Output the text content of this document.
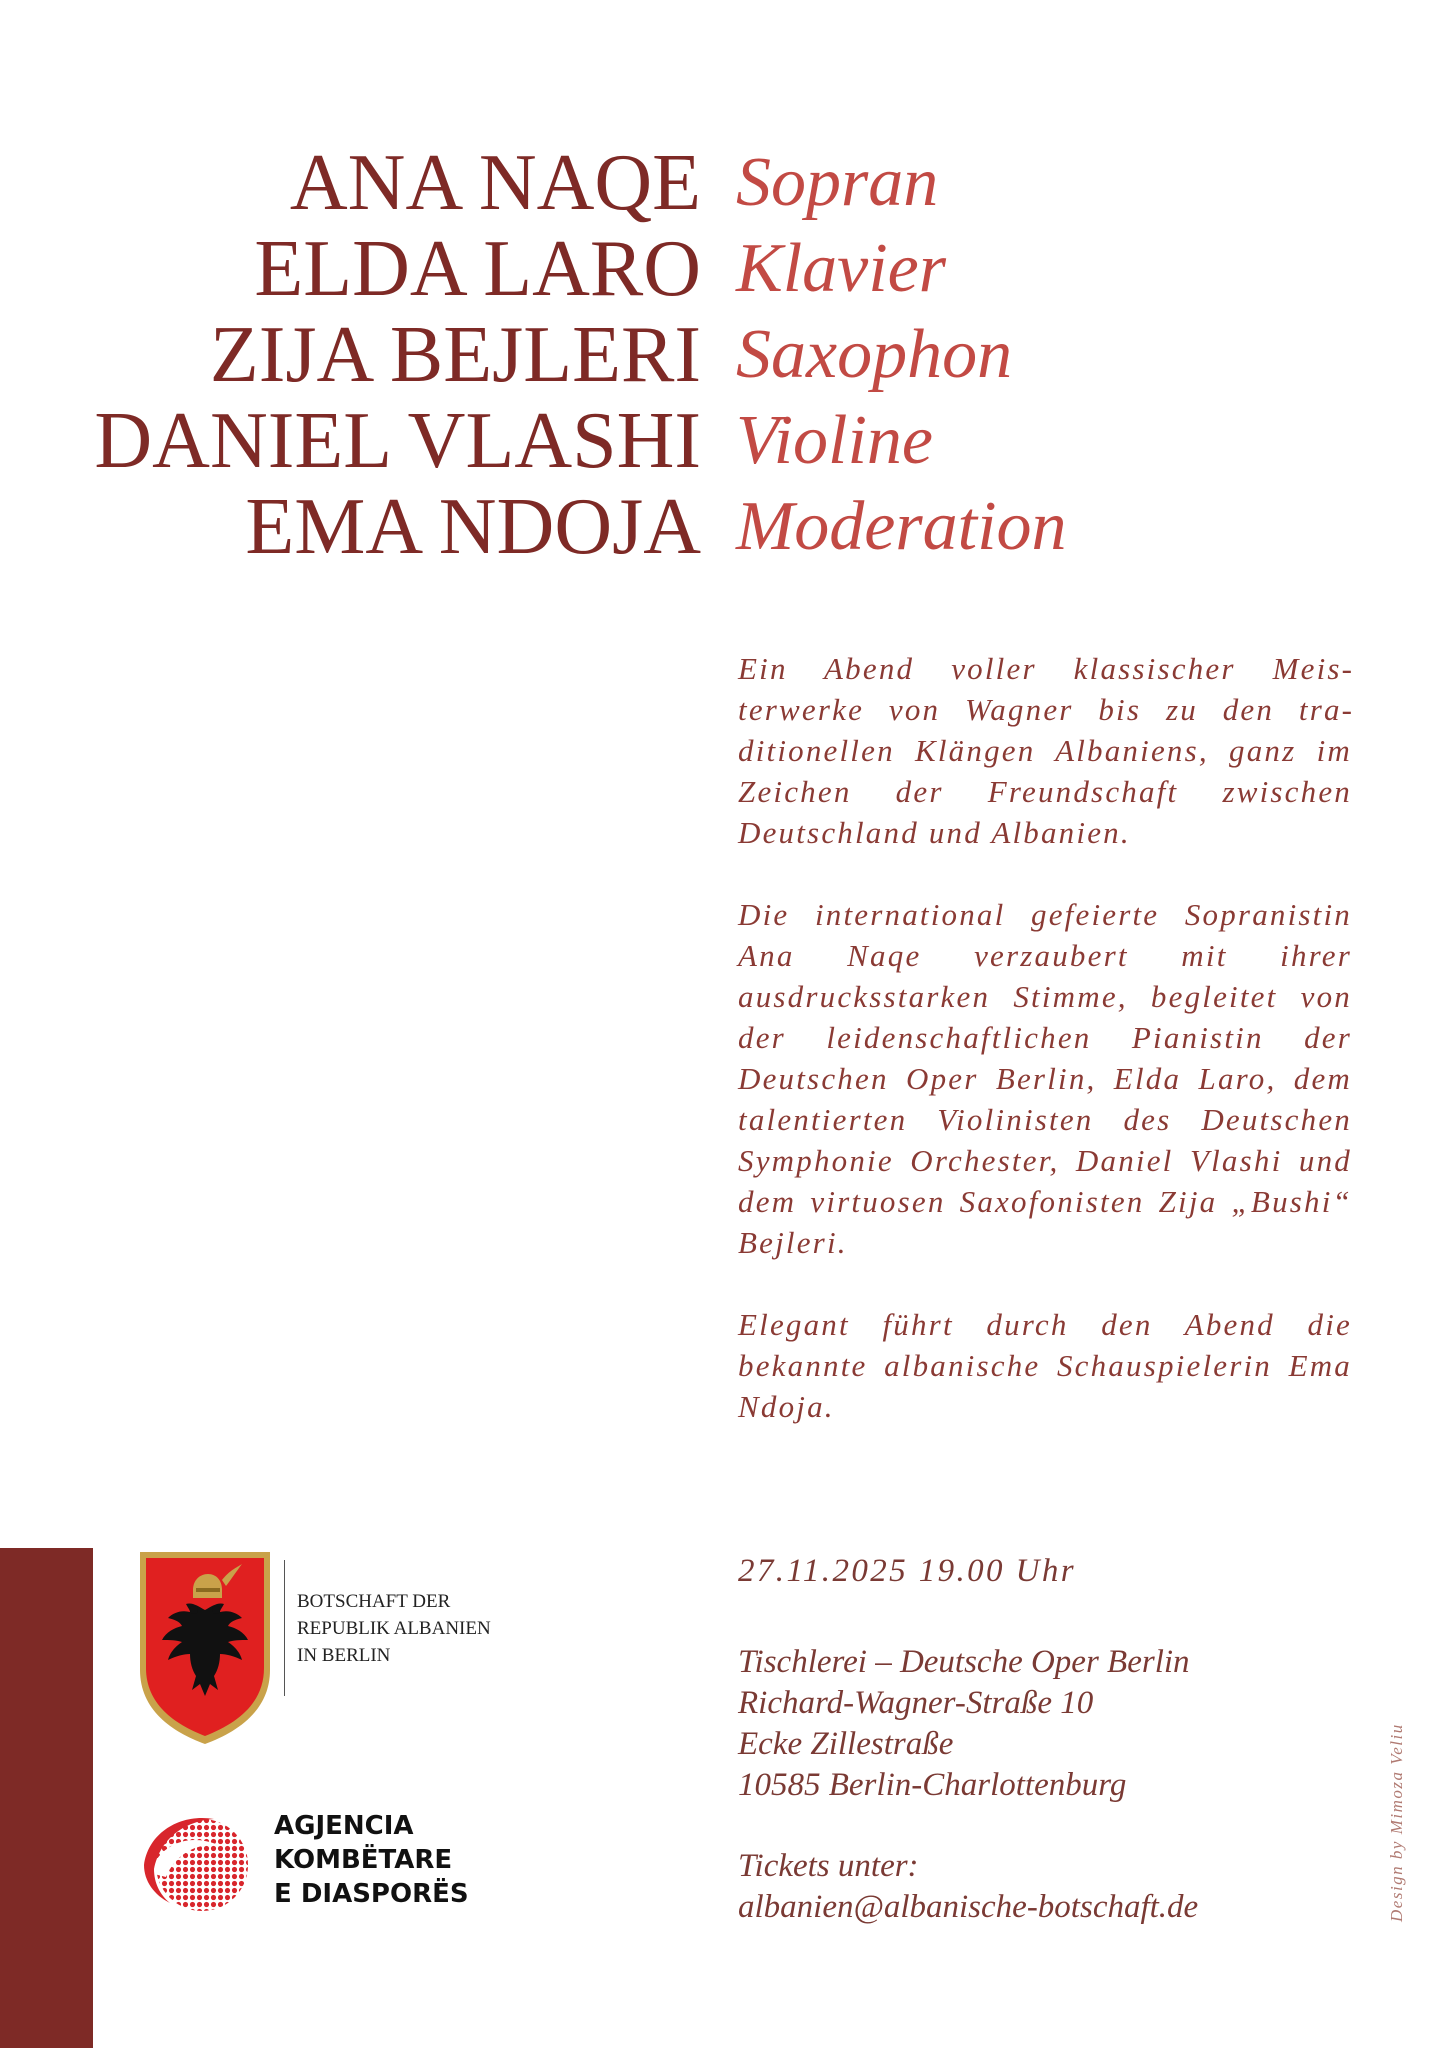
ANA NAQE Sopran
ELDA LARO Klavier
ZIJA BEJLERI Saxophon
DANIEL VLASHI Violine
EMA NDOJA Moderation

Ein Abend voller klassischer Meisterwerke von Wagner bis zu den traditionellen Klängen Albaniens, ganz im Zeichen der Freundschaft zwischen Deutschland und Albanien.

Die international gefeierte Sopranistin Ana Naqe verzaubert mit ihrer ausdrucksstarken Stimme, begleitet von der leidenschaftlichen Pianistin der Deutschen Oper Berlin, Elda Laro, dem talentierten Violinisten des Deutschen Symphonie Orchester, Daniel Vlashi und dem virtuosen Saxofonisten Zija „Bushi“ Bejleri.

Elegant führt durch den Abend die bekannte albanische Schauspielerin Ema Ndoja.

27.11.2025 19.00 Uhr
Tischlerei – Deutsche Oper Berlin
Richard-Wagner-Straße 10
Ecke Zillestraße
10585 Berlin-Charlottenburg
Tickets unter:
albanien@albanische-botschaft.de
BOTSCHAFT DER
REPUBLIK ALBANIEN
IN BERLIN
AGJENCIA
KOMBËTARE
E DIASPORËS	Design by Mimoza Veliu
